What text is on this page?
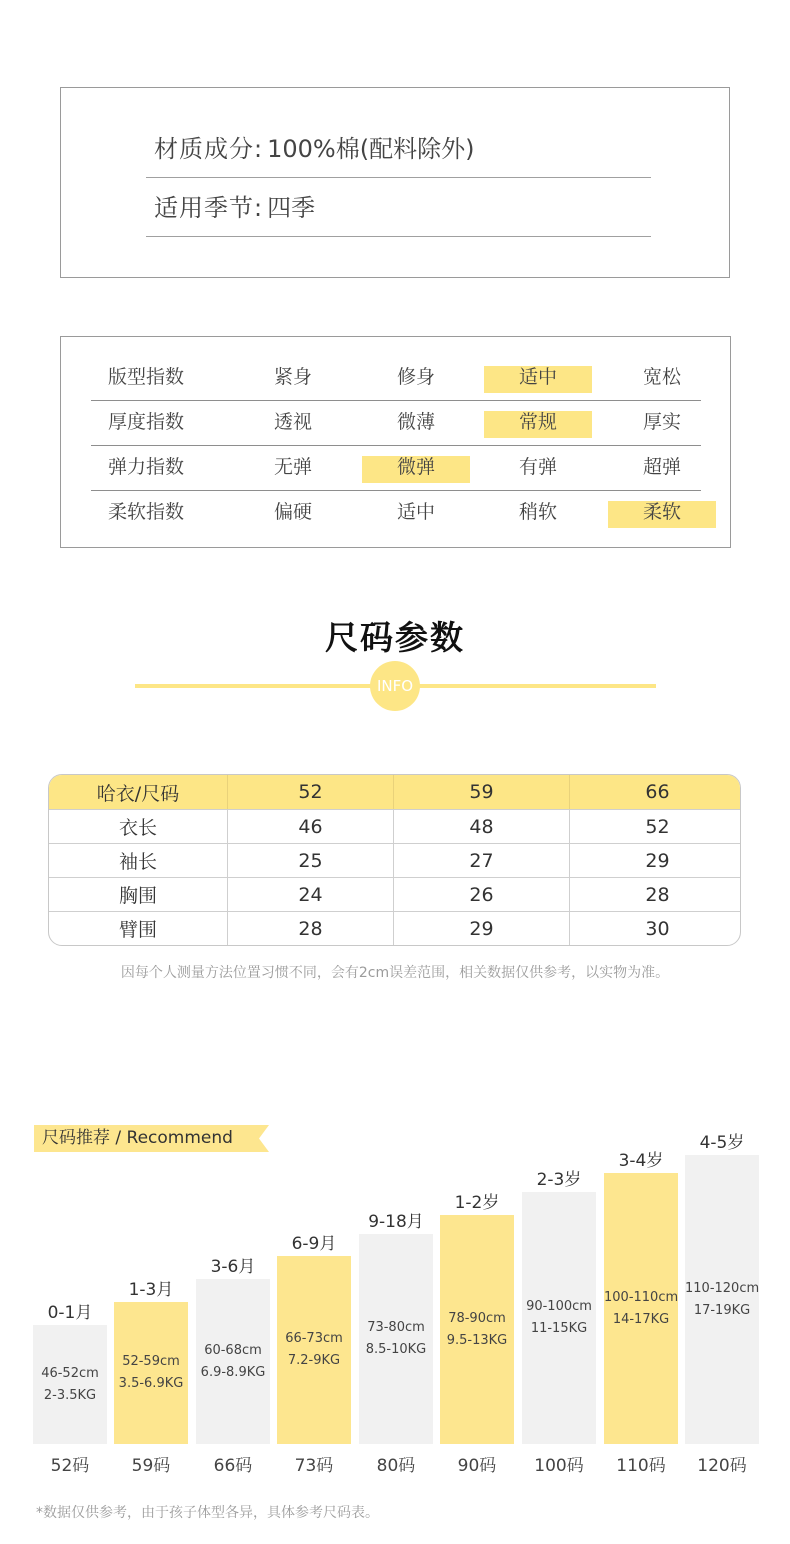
材质成分: 100%棉(配料除外)
适用季节: 四季
版型指数	紧身	修身	适中	宽松
厚度指数	透视	微薄	常规	厚实
弹力指数	无弹	微弹	有弹	超弹
柔软指数	偏硬	适中	稍软	柔软
尺码参数
INFO
哈衣/尺码	52	59	66
衣长	46	48	52
袖长	25	27	29
胸围	24	26	28
臂围	28	29	30
因每个人测量方法位置习惯不同，会有2cm误差范围，相关数据仅供参考，以实物为准。
尺码推荐 / Recommend
46-52cm
2-3.5KG
0-1月
52码
52-59cm
3.5-6.9KG
1-3月
59码
60-68cm
6.9-8.9KG
3-6月
66码
66-73cm
7.2-9KG
6-9月
73码
73-80cm
8.5-10KG
9-18月
80码
78-90cm
9.5-13KG
1-2岁
90码
90-100cm
11-15KG
2-3岁
100码
100-110cm
14-17KG
3-4岁
110码
110-120cm
17-19KG
4-5岁
120码
*数据仅供参考，由于孩子体型各异，具体参考尺码表。
